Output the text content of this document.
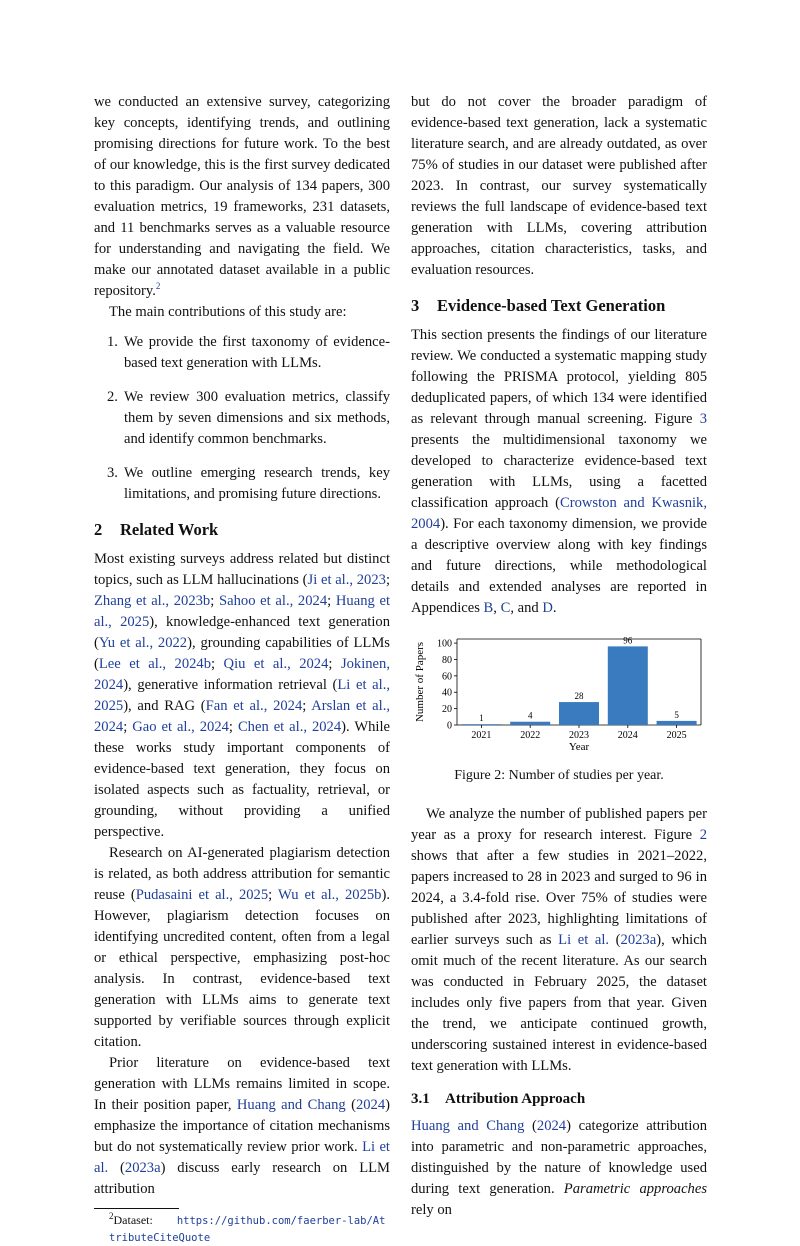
we conducted an extensive survey, categorizing key concepts, identifying trends, and outlining promising directions for future work. To the best of our knowledge, this is the first survey dedicated to this paradigm. Our analysis of 134 papers, 300 evaluation metrics, 19 frameworks, 231 datasets, and 11 benchmarks serves as a valuable resource for understanding and navigating the field. We make our annotated dataset available in a public repository.$^2$

The main contributions of this study are:

1. We provide the first taxonomy of evidence-based text generation with LLMs.
2. We review 300 evaluation metrics, classify them by seven dimensions and six methods, and identify common benchmarks.
3. We outline emerging research trends, key limitations, and promising future directions.
2 Related Work

Most existing surveys address related but distinct topics, such as LLM hallucinations (Ji et al., 2023; Zhang et al., 2023b; Sahoo et al., 2024; Huang et al., 2025), knowledge-enhanced text generation (Yu et al., 2022), grounding capabilities of LLMs (Lee et al., 2024b; Qiu et al., 2024; Jokinen, 2024), generative information retrieval (Li et al., 2025), and RAG (Fan et al., 2024; Arslan et al., 2024; Gao et al., 2024; Chen et al., 2024). While these works study important components of evidence-based text generation, they focus on isolated aspects such as factuality, retrieval, or grounding, without providing a unified perspective.

Research on AI-generated plagiarism detection is related, as both address attribution for semantic reuse (Pudasaini et al., 2025; Wu et al., 2025b). However, plagiarism detection focuses on identifying uncredited content, often from a legal or ethical perspective, emphasizing post-hoc analysis. In contrast, evidence-based text generation with LLMs aims to generate text supported by verifiable sources through explicit citation.

Prior literature on evidence-based text generation with LLMs remains limited in scope. In their position paper, Huang and Chang (2024) emphasize the importance of citation mechanisms but do not systematically review prior work. Li et al. (2023a) discuss early research on LLM attribution

$^2$Dataset: https://github.com/faerber-lab/AttributeCiteQuote

but do not cover the broader paradigm of evidence-based text generation, lack a systematic literature search, and are already outdated, as over 75% of studies in our dataset were published after 2023. In contrast, our survey systematically reviews the full landscape of evidence-based text generation with LLMs, covering attribution approaches, citation characteristics, tasks, and evaluation resources.

3 Evidence-based Text Generation

This section presents the findings of our literature review. We conducted a systematic mapping study following the PRISMA protocol, yielding 805 deduplicated papers, of which 134 were identified as relevant through manual screening. Figure 3 presents the multidimensional taxonomy we developed to characterize evidence-based text generation with LLMs, using a facetted classification approach (Crowston and Kwasnik, 2004). For each taxonomy dimension, we provide a descriptive overview along with key findings and future directions, while methodological details and extended analyses are reported in Appendices B, C, and D.

0
20
40
60
80
100
1
2021
4
2022
28
2023
96
2024
5
2025
Year
Number of Papers

Figure 2: Number of studies per year.

We analyze the number of published papers per year as a proxy for research interest. Figure 2 shows that after a few studies in 2021–2022, papers increased to 28 in 2023 and surged to 96 in 2024, a 3.4-fold rise. Over 75% of studies were published after 2023, highlighting limitations of earlier surveys such as Li et al. (2023a), which omit much of the recent literature. As our search was conducted in February 2025, the dataset includes only five papers from that year. Given the trend, we anticipate continued growth, underscoring sustained interest in evidence-based text generation with LLMs.

3.1 Attribution Approach

Huang and Chang (2024) categorize attribution into parametric and non-parametric approaches, distinguished by the nature of knowledge used during text generation. Parametric approaches rely on
